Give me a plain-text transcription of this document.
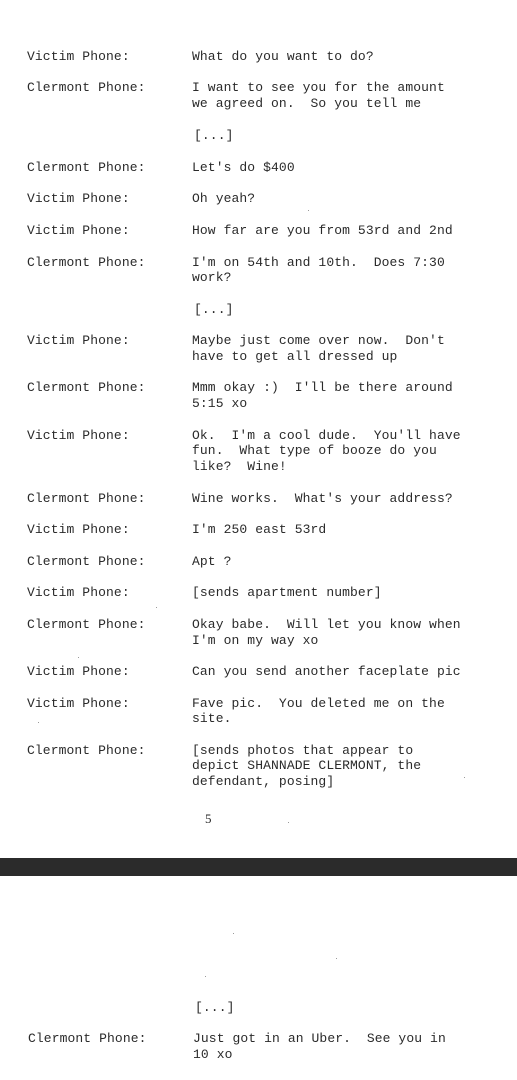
Victim Phone:	What do you want to do?
Clermont Phone:	I want to see you for the amount
we agreed on.  So you tell me
[...]
Clermont Phone:	Let's do $400
Victim Phone:	Oh yeah?
Victim Phone:	How far are you from 53rd and 2nd
Clermont Phone:	I'm on 54th and 10th.  Does 7:30
work?
[...]
Victim Phone:	Maybe just come over now.  Don't
have to get all dressed up
Clermont Phone:	Mmm okay :)  I'll be there around
5:15 xo
Victim Phone:	Ok.  I'm a cool dude.  You'll have
fun.  What type of booze do you
like?  Wine!
Clermont Phone:	Wine works.  What's your address?
Victim Phone:	I'm 250 east 53rd
Clermont Phone:	Apt ?
Victim Phone:	[sends apartment number]
Clermont Phone:	Okay babe.  Will let you know when
I'm on my way xo
Victim Phone:	Can you send another faceplate pic
Victim Phone:	Fave pic.  You deleted me on the
site.
Clermont Phone:	[sends photos that appear to
depict SHANNADE CLERMONT, the
defendant, posing]
5
[...]
Clermont Phone:	Just got in an Uber.  See you in
10 xo
